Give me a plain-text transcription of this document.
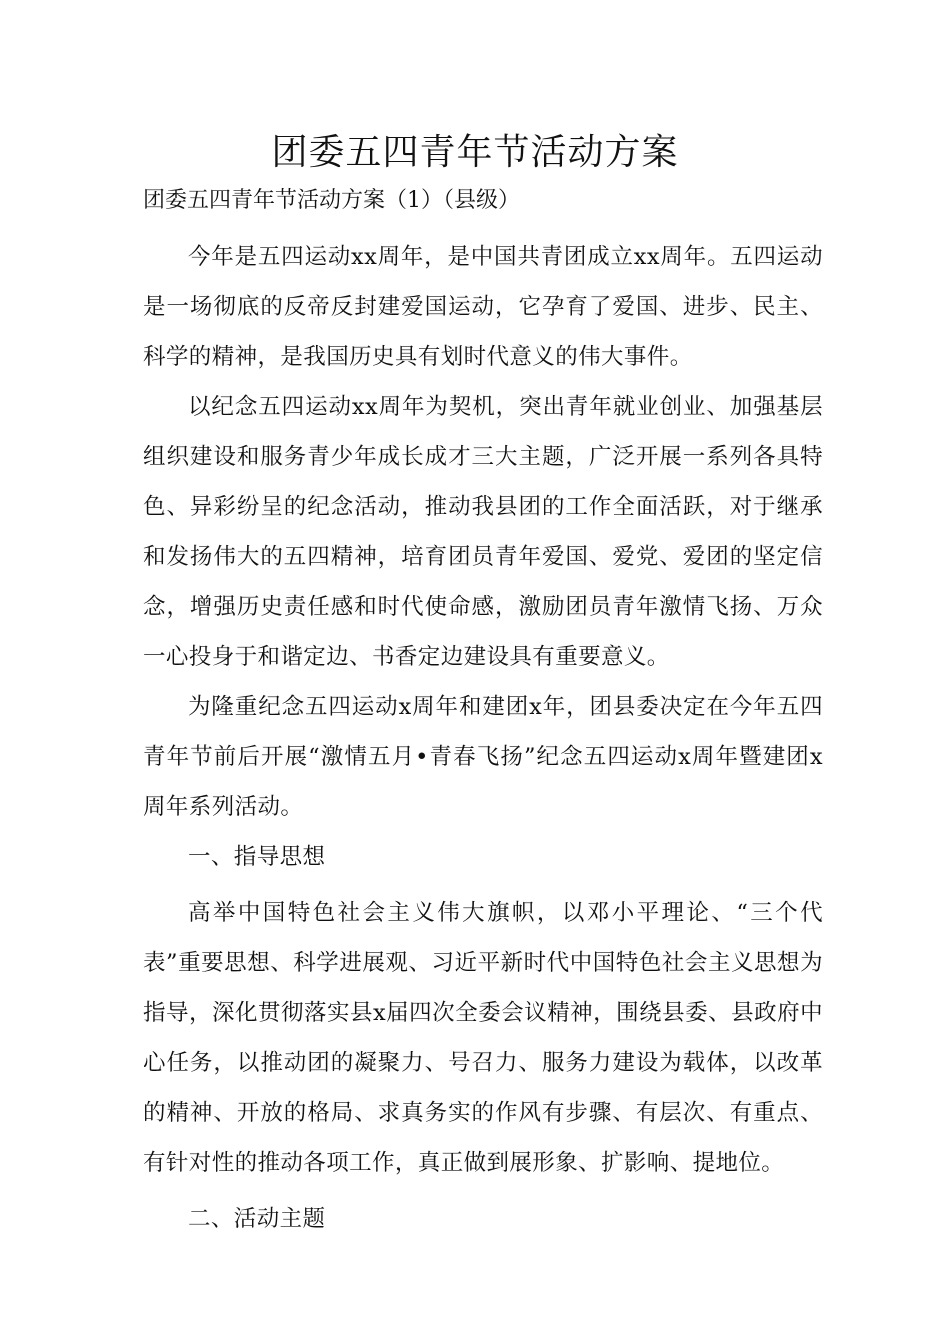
团委五四青年节活动方案

团委五四青年节活动方案（1）（县级）

今年是五四运动xx周年，是中国共青团成立xx周年。五四运动是一场彻底的反帝反封建爱国运动，它孕育了爱国、进步、民主、科学的精神，是我国历史具有划时代意义的伟大事件。

以纪念五四运动xx周年为契机，突出青年就业创业、加强基层组织建设和服务青少年成长成才三大主题，广泛开展一系列各具特色、异彩纷呈的纪念活动，推动我县团的工作全面活跃，对于继承和发扬伟大的五四精神，培育团员青年爱国、爱党、爱团的坚定信念，增强历史责任感和时代使命感，激励团员青年激情飞扬、万众一心投身于和谐定边、书香定边建设具有重要意义。

为隆重纪念五四运动x周年和建团x年，团县委决定在今年五四青年节前后开展“激情五月•青春飞扬”纪念五四运动x周年暨建团x周年系列活动。

一、指导思想

高举中国特色社会主义伟大旗帜，以邓小平理论、“三个代表”重要思想、科学进展观、习近平新时代中国特色社会主义思想为指导，深化贯彻落实县x届四次全委会议精神，围绕县委、县政府中心任务，以推动团的凝聚力、号召力、服务力建设为载体，以改革的精神、开放的格局、求真务实的作风有步骤、有层次、有重点、有针对性的推动各项工作，真正做到展形象、扩影响、提地位。

二、活动主题
